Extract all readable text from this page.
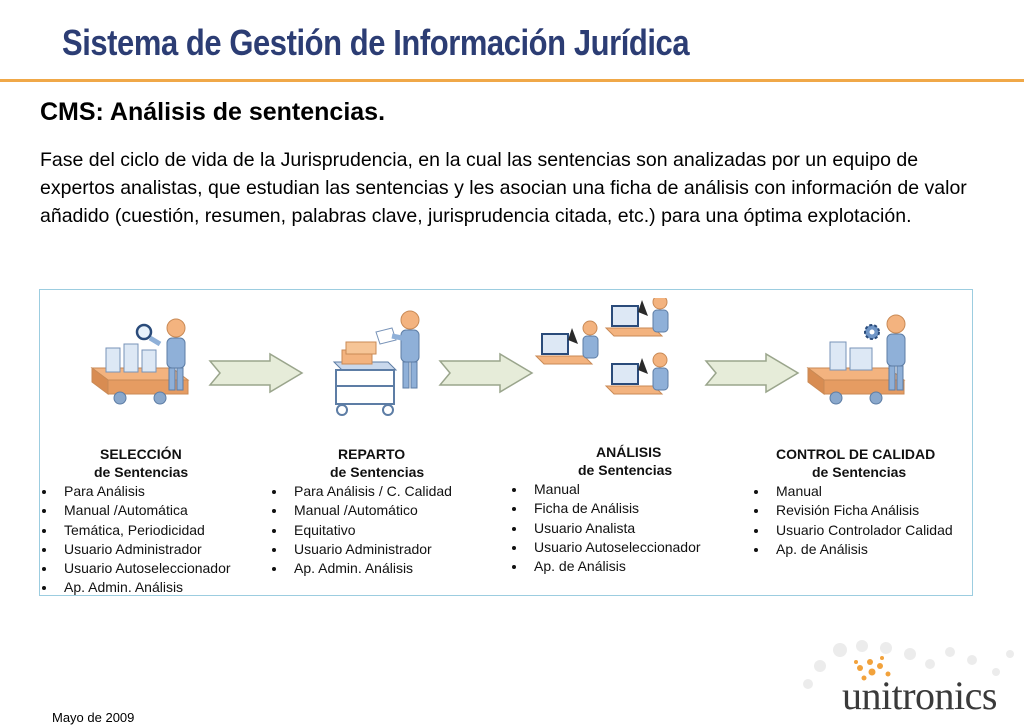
Sistema de Gestión de Información Jurídica
CMS: Análisis de sentencias.

Fase del ciclo de vida de la Jurisprudencia, en la cual las sentencias son analizadas por un equipo de expertos analistas, que estudian las sentencias y les asocian una ficha de análisis con información de valor añadido (cuestión, resumen, palabras clave, jurisprudencia citada, etc.) para una óptima explotación.

SELECCIÓN
de Sentencias
Para Análisis
Manual /Automática
Temática, Periodicidad
Usuario Administrador
Usuario Autoseleccionador
Ap. Admin. Análisis
REPARTO
de Sentencias
Para Análisis / C. Calidad
Manual /Automático
Equitativo
Usuario Administrador
Ap. Admin. Análisis
ANÁLISIS
de Sentencias
Manual
Ficha de Análisis
Usuario Analista
Usuario Autoseleccionador
Ap. de Análisis
CONTROL DE CALIDAD
de Sentencias
Manual
Revisión Ficha Análisis
Usuario Controlador Calidad
Ap. de Análisis
Mayo de 2009	unitronics
